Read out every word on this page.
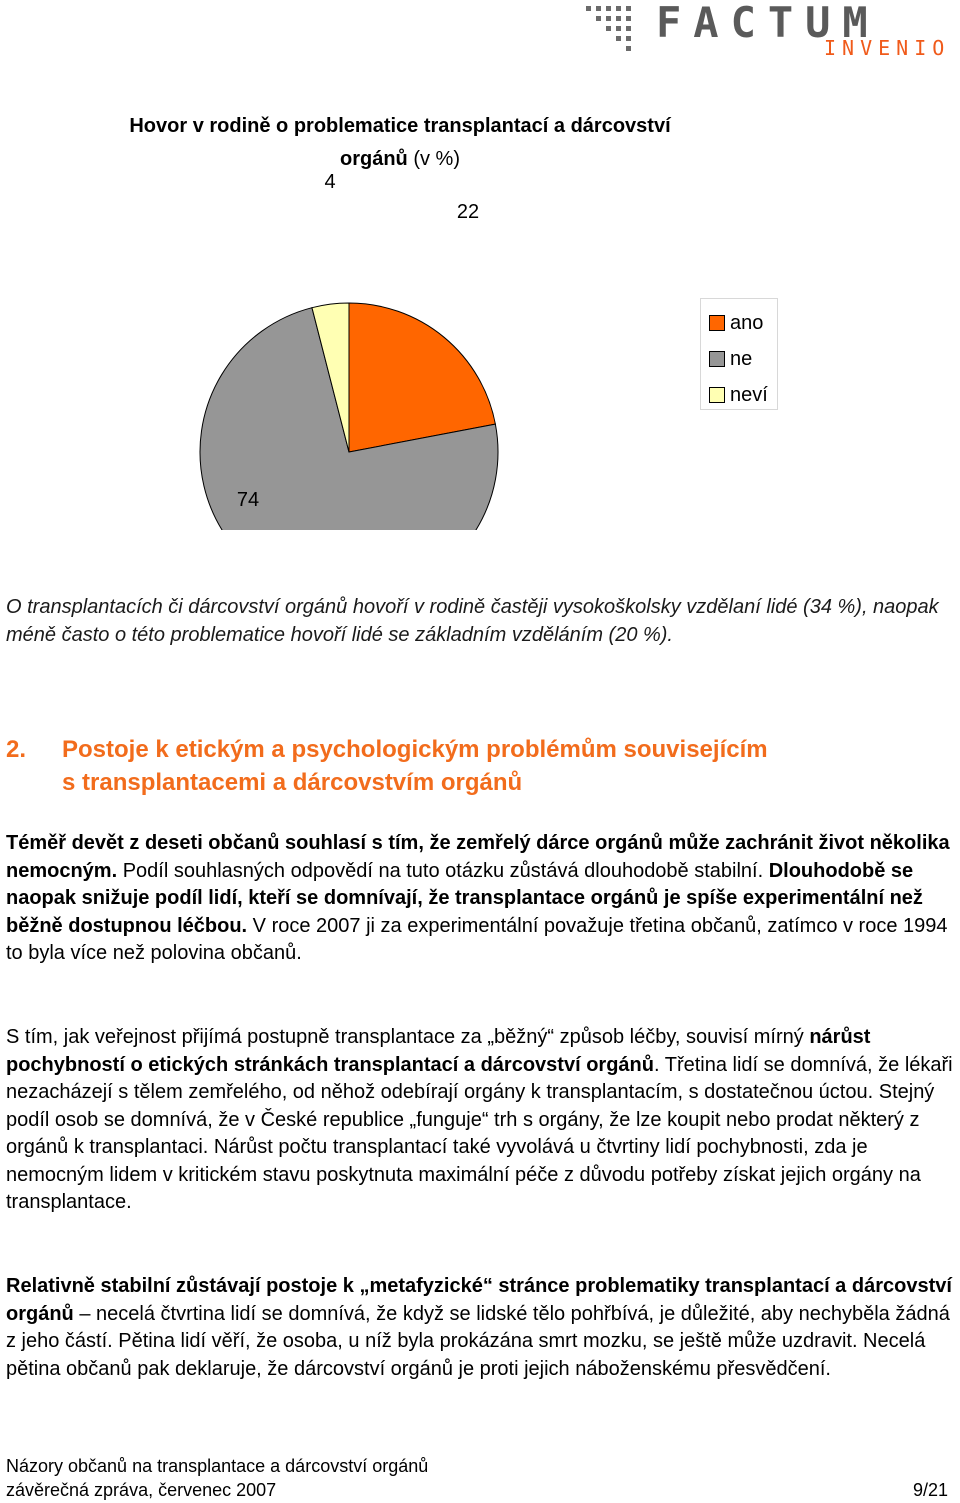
FACTUM
INVENIO
Hovor v rodině o problematice transplantací a dárcovství
orgánů (v %)
22
74
4
ano
ne
neví
O transplantacích či dárcovství orgánů hovoří v rodině častěji vysokoškolsky vzdělaní lidé (34 %), naopak méně často o této problematice hovoří lidé se základním vzděláním (20 %).
2. Postoje k etickým a psychologickým problémům souvisejícím
s transplantacemi a dárcovstvím orgánů
Téměř devět z deseti občanů souhlasí s tím, že zemřelý dárce orgánů může zachránit život několika nemocným. Podíl souhlasných odpovědí na tuto otázku zůstává dlouhodobě stabilní. Dlouhodobě se naopak snižuje podíl lidí, kteří se domnívají, že transplantace orgánů je spíše experimentální než běžně dostupnou léčbou. V roce 2007 ji za experimentální považuje třetina občanů, zatímco v roce 1994 to byla více než polovina občanů.
S tím, jak veřejnost přijímá postupně transplantace za „běžný“ způsob léčby, souvisí mírný nárůst pochybností o etických stránkách transplantací a dárcovství orgánů. Třetina lidí se domnívá, že lékaři nezacházejí s tělem zemřelého, od něhož odebírají orgány k transplantacím, s dostatečnou úctou. Stejný podíl osob se domnívá, že v České republice „funguje“ trh s orgány, že lze koupit nebo prodat některý z orgánů k transplantaci. Nárůst počtu transplantací také vyvolává u čtvrtiny lidí pochybnosti, zda je nemocným lidem v kritickém stavu poskytnuta maximální péče z důvodu potřeby získat jejich orgány na transplantace.
Relativně stabilní zůstávají postoje k „metafyzické“ stránce problematiky transplantací a dárcovství orgánů – necelá čtvrtina lidí se domnívá, že když se lidské tělo pohřbívá, je důležité, aby nechyběla žádná z jeho částí. Pětina lidí věří, že osoba, u níž byla prokázána smrt mozku, se ještě může uzdravit. Necelá pětina občanů pak deklaruje, že dárcovství orgánů je proti jejich náboženskému přesvědčení.
Názory občanů na transplantace a dárcovství orgánů
závěrečná zpráva, červenec 2007	9/21
